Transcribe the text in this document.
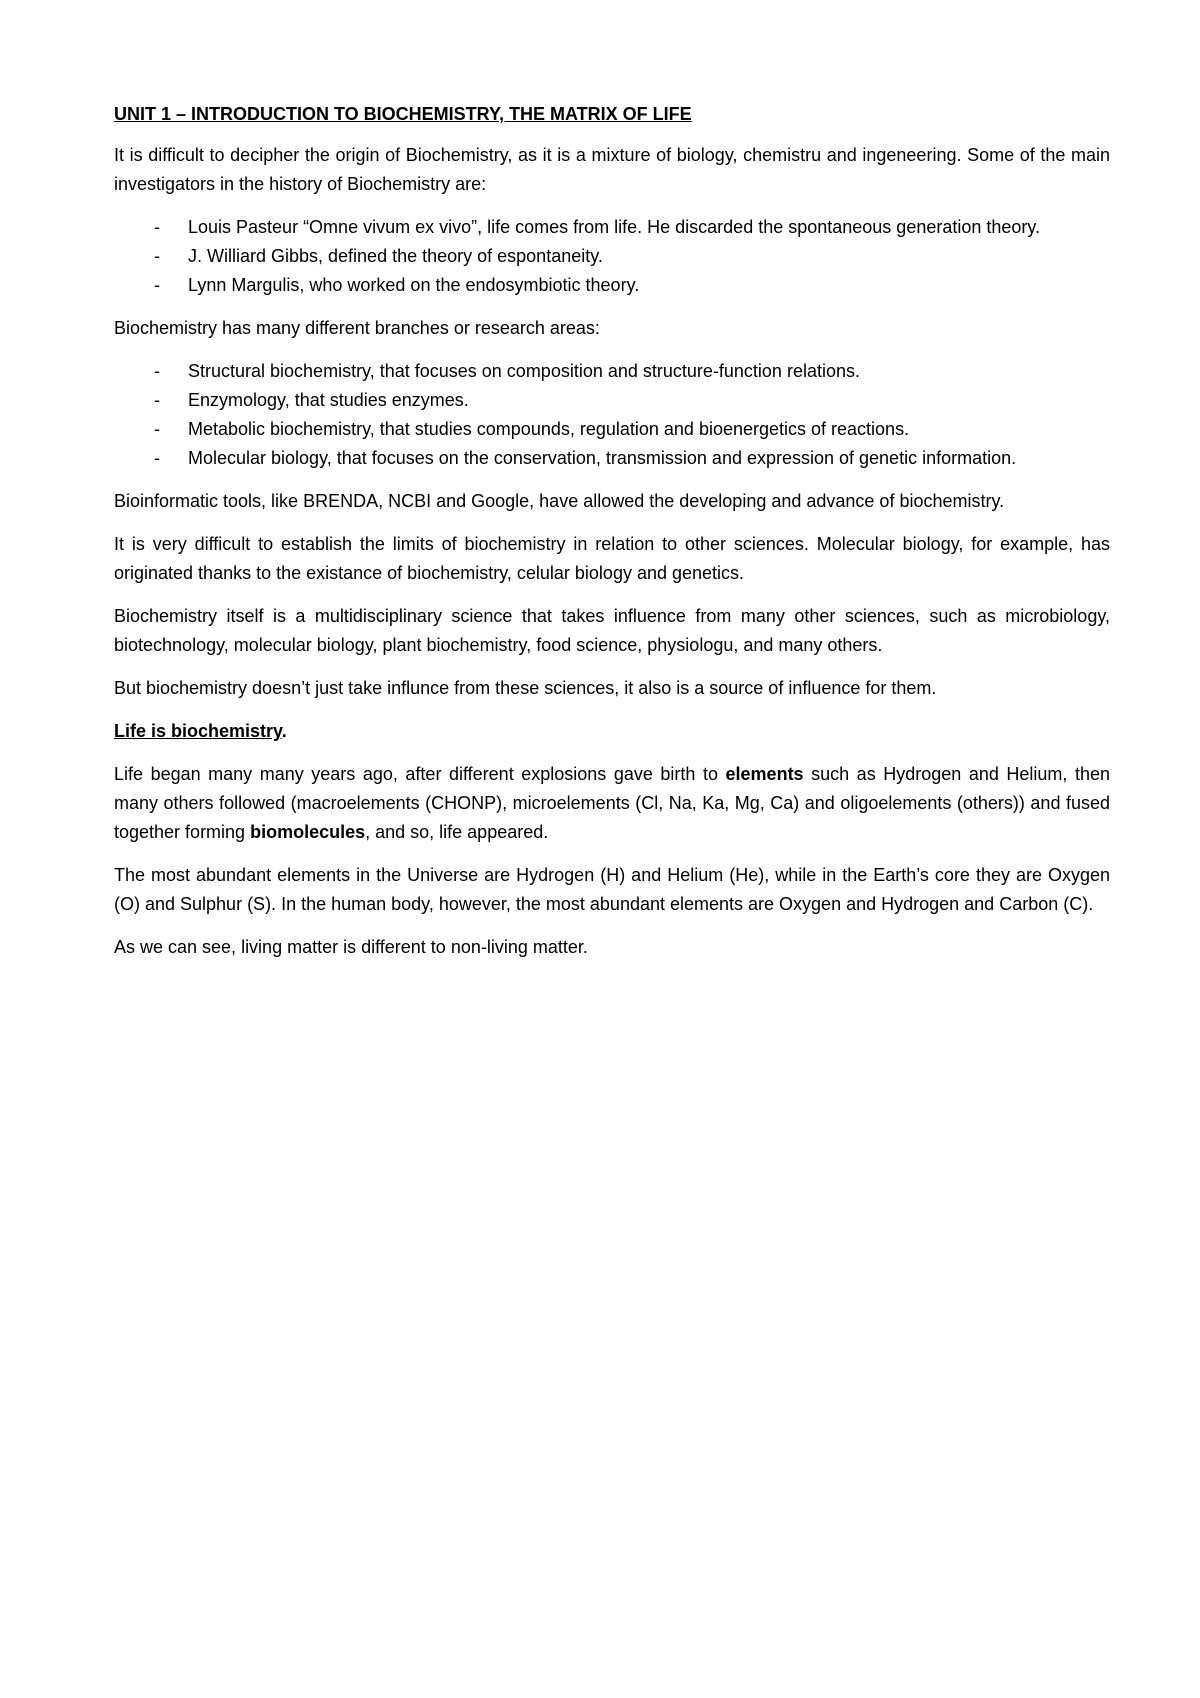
UNIT 1 – INTRODUCTION TO BIOCHEMISTRY, THE MATRIX OF LIFE

It is difficult to decipher the origin of Biochemistry, as it is a mixture of biology, chemistru and ingeneering. Some of the main investigators in the history of Biochemistry are:

- Louis Pasteur “Omne vivum ex vivo”, life comes from life. He discarded the spontaneous generation theory.
- J. Williard Gibbs, defined the theory of espontaneity.
- Lynn Margulis, who worked on the endosymbiotic theory.

Biochemistry has many different branches or research areas:

- Structural biochemistry, that focuses on composition and structure-function relations.
- Enzymology, that studies enzymes.
- Metabolic biochemistry, that studies compounds, regulation and bioenergetics of reactions.
- Molecular biology, that focuses on the conservation, transmission and expression of genetic information.

Bioinformatic tools, like BRENDA, NCBI and Google, have allowed the developing and advance of biochemistry.

It is very difficult to establish the limits of biochemistry in relation to other sciences. Molecular biology, for example, has originated thanks to the existance of biochemistry, celular biology and genetics.

Biochemistry itself is a multidisciplinary science that takes influence from many other sciences, such as microbiology, biotechnology, molecular biology, plant biochemistry, food science, physiologu, and many others.

But biochemistry doesn’t just take influnce from these sciences, it also is a source of influence for them.

Life is biochemistry.

Life began many many years ago, after different explosions gave birth to elements such as Hydrogen and Helium, then many others followed (macroelements (CHONP), microelements (Cl, Na, Ka, Mg, Ca) and oligoelements (others)) and fused together forming biomolecules, and so, life appeared.

The most abundant elements in the Universe are Hydrogen (H) and Helium (He), while in the Earth’s core they are Oxygen (O) and Sulphur (S). In the human body, however, the most abundant elements are Oxygen and Hydrogen and Carbon (C).

As we can see, living matter is different to non-living matter.
